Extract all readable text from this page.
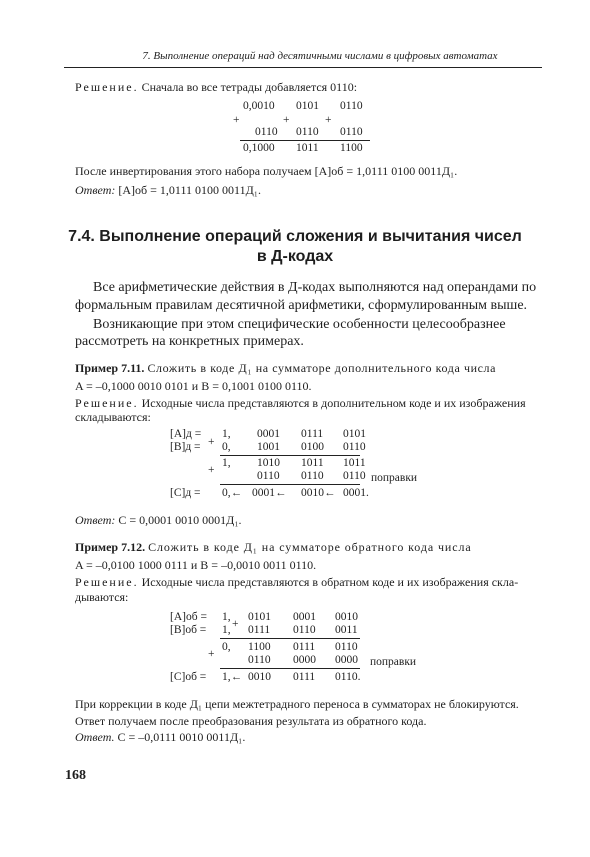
7. Выполнение операций над десятичными числами в цифровых автоматах
Решение. Сначала во все тетрады добавляется 0110:
0,0010 0101 0110
+	+	+
0110 0110 0110
0,1000 1011 1100
После инвертирования этого набора получаем [A]об = 1,0111 0100 0011Д₁.
Ответ: [A]об = 1,0111 0100 0011Д₁.
7.4. Выполнение операций сложения и вычитания чисел
в Д-кодах
Все арифметические действия в Д-кодах выполняются над операндами по
формальным правилам десятичной арифметики, сформулированным выше.
Возникающие при этом специфические особенности целесообразнее
рассмотреть на конкретных примерах.
Пример 7.11. Сложить в коде Д₁ на сумматоре дополнительного кода числа
A = –0,1000 0010 0101 и B = 0,1001 0100 0110.
Решение. Исходные числа представляются в дополнительном коде и их изображения
складываются:
[A]д =
[B]д = +
1, 0001 0111 0101
0, 1001 0100 0110
+
1, 1010 1011 1011
0110 0110 0110 поправки
[C]д = 0,← 0001← 0010← 0001.
Ответ: C = 0,0001 0010 0001Д₁.
Пример 7.12. Сложить в коде Д₁ на сумматоре обратного кода числа
A = –0,0100 1000 0111 и B = –0,0010 0011 0110.
Решение. Исходные числа представляются в обратном коде и их изображения скла-
дываются:
[A]об =
[B]об = +
1, 0101 0001 0010
1, 0111 0110 0011
+
0, 1100 0111 0110
0110 0000 0000 поправки
[C]об = 1,← 0010 0111 0110.
При коррекции в коде Д₁ цепи межтетрадного переноса в сумматорах не блокируются.
Ответ получаем после преобразования результата из обратного кода.
Ответ. C = –0,0111 0010 0011Д₁.
168
